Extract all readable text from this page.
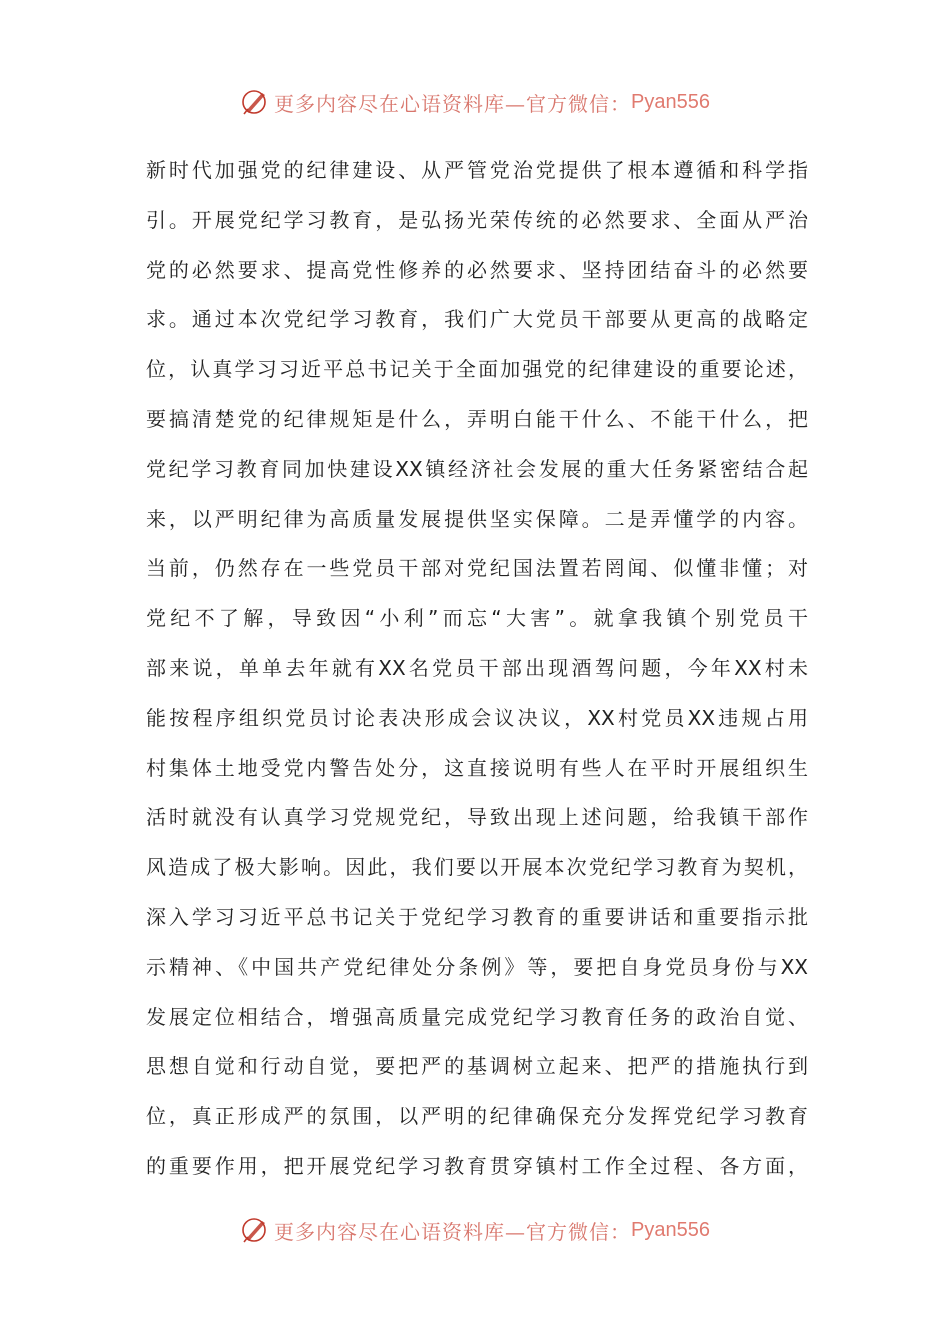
更多内容尽在心语资料库—官方微信： Pyan556
新时代加强党的纪律建设、从严管党治党提供了根本遵循和科学指
引。开展党纪学习教育，是弘扬光荣传统的必然要求、全面从严治
党的必然要求、提高党性修养的必然要求、坚持团结奋斗的必然要
求。通过本次党纪学习教育，我们广大党员干部要从更高的战略定
位，认真学习习近平总书记关于全面加强党的纪律建设的重要论述，
要搞清楚党的纪律规矩是什么，弄明白能干什么、不能干什么，把
党纪学习教育同加快建设XX镇经济社会发展的重大任务紧密结合起
来，以严明纪律为高质量发展提供坚实保障。二是弄懂学的内容。
当前，仍然存在一些党员干部对党纪国法置若罔闻、似懂非懂；对
党纪不了解，导致因“小利”而忘“大害”。就拿我镇个别党员干
部来说，单单去年就有XX名党员干部出现酒驾问题，今年XX村未
能按程序组织党员讨论表决形成会议决议，XX村党员XX违规占用
村集体土地受党内警告处分，这直接说明有些人在平时开展组织生
活时就没有认真学习党规党纪，导致出现上述问题，给我镇干部作
风造成了极大影响。因此，我们要以开展本次党纪学习教育为契机，
深入学习习近平总书记关于党纪学习教育的重要讲话和重要指示批
示精神、《中国共产党纪律处分条例》等，要把自身党员身份与XX
发展定位相结合，增强高质量完成党纪学习教育任务的政治自觉、
思想自觉和行动自觉，要把严的基调树立起来、把严的措施执行到
位，真正形成严的氛围，以严明的纪律确保充分发挥党纪学习教育
的重要作用，把开展党纪学习教育贯穿镇村工作全过程、各方面，
更多内容尽在心语资料库—官方微信： Pyan556
